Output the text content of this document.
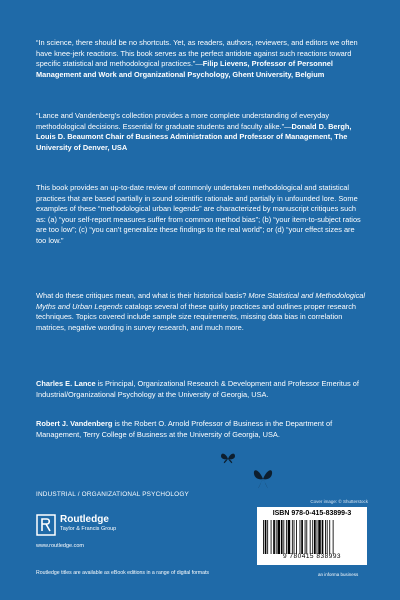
“In science, there should be no shortcuts. Yet, as readers, authors, reviewers, and editors we often have knee-jerk reactions. This book serves as the perfect antidote against such reactions toward specific statistical and methodological practices.”—Filip Lievens, Professor of Personnel Management and Work and Organizational Psychology, Ghent University, Belgium
“Lance and Vandenberg’s collection provides a more complete understanding of everyday methodological decisions. Essential for graduate students and faculty alike.”—Donald D. Bergh, Louis D. Beaumont Chair of Business Administration and Professor of Management, The University of Denver, USA
This book provides an up-to-date review of commonly undertaken methodological and statistical practices that are based partially in sound scientific rationale and partially in unfounded lore. Some examples of these “methodological urban legends” are characterized by manuscript critiques such as: (a) “your self-report measures suffer from common method bias”; (b) “your item-to-subject ratios are too low”; (c) “you can’t generalize these findings to the real world”; or (d) “your effect sizes are too low.”
What do these critiques mean, and what is their historical basis? More Statistical and Methodological Myths and Urban Legends catalogs several of these quirky practices and outlines proper research techniques. Topics covered include sample size requirements, missing data bias in correlation matrices, negative wording in survey research, and much more.
Charles E. Lance is Principal, Organizational Research & Development and Professor Emeritus of Industrial/Organizational Psychology at the University of Georgia, USA.
Robert J. Vandenberg is the Robert O. Arnold Professor of Business in the Department of Management, Terry College of Business at the University of Georgia, USA.
INDUSTRIAL / ORGANIZATIONAL PSYCHOLOGY
Routledge
Taylor & Francis Group
www.routledge.com
Routledge titles are available as eBook editions in a range of digital formats
Cover image: © Shutterstock
ISBN 978-0-415-83899-3
9 780415 838993
an informa business
